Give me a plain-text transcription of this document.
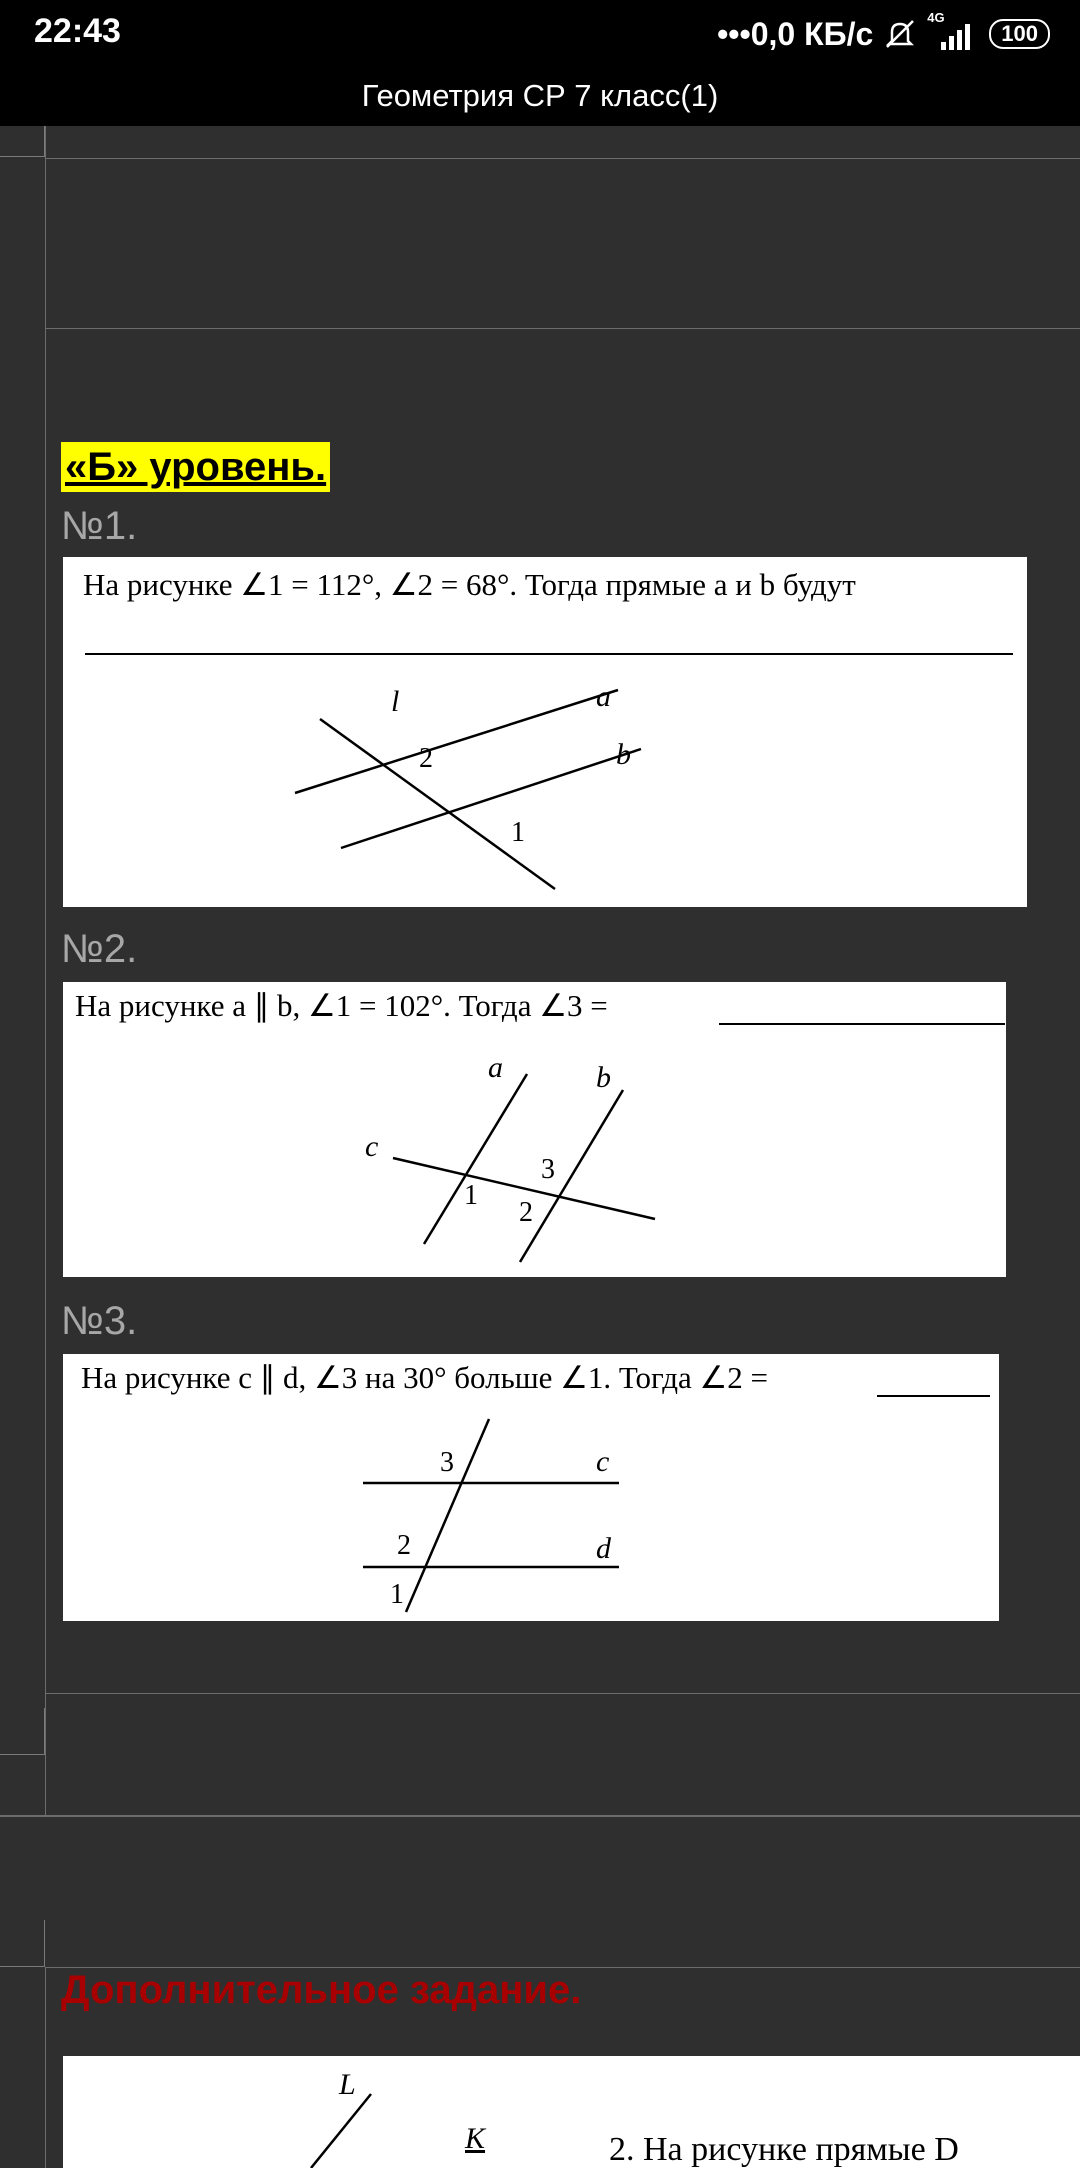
22:43	•••0,0 КБ/с	4G
100
Геометрия СР 7 класс(1)
«Б» уровень.
№1.
На рисунке ∠1 = 112°, ∠2 = 68°. Тогда прямые a и b будут
l	a
b
2
1
№2.
На рисунке a ∥ b, ∠1 = 102°. Тогда ∠3 =
a	b
c
1
3
2
№3.
На рисунке c ∥ d, ∠3 на 30° больше ∠1. Тогда ∠2 =
3	c
2	d
1
Дополнительное задание.
L
K	2. На рисунке прямые D
